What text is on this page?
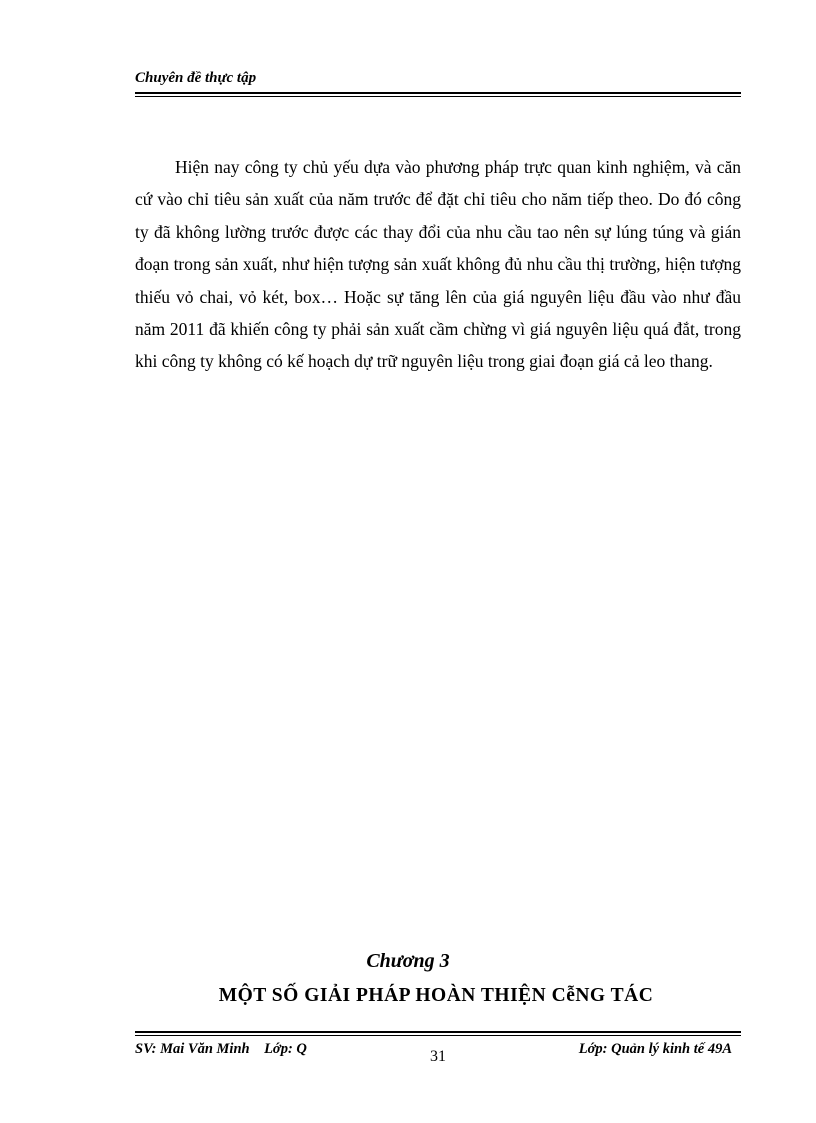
Chuyên đề thực tập

Hiện nay công ty chủ yếu dựa vào phương pháp trực quan kinh nghiệm, và căn cứ vào chỉ tiêu sản xuất của năm trước để đặt chỉ tiêu cho năm tiếp theo. Do đó công ty đã không lường trước được các thay đổi của nhu cầu tao nên sự lúng túng và gián đoạn trong sản xuất, như hiện tượng sản xuất không đủ nhu cầu thị trường, hiện tượng thiếu vỏ chai, vỏ két, box… Hoặc sự tăng lên của giá nguyên liệu đầu vào như đầu năm 2011 đã khiến công ty phải sản xuất cầm chừng vì giá nguyên liệu quá đắt, trong khi công ty không có kế hoạch dự trữ nguyên liệu trong giai đoạn giá cả leo thang.

Chương 3
MỘT SỐ GIẢI PHÁP HOÀN THIỆN CễNG TÁC
SV: Mai Văn Minh    Lớp: Q	31	Lớp: Quản lý kinh tế 49A
